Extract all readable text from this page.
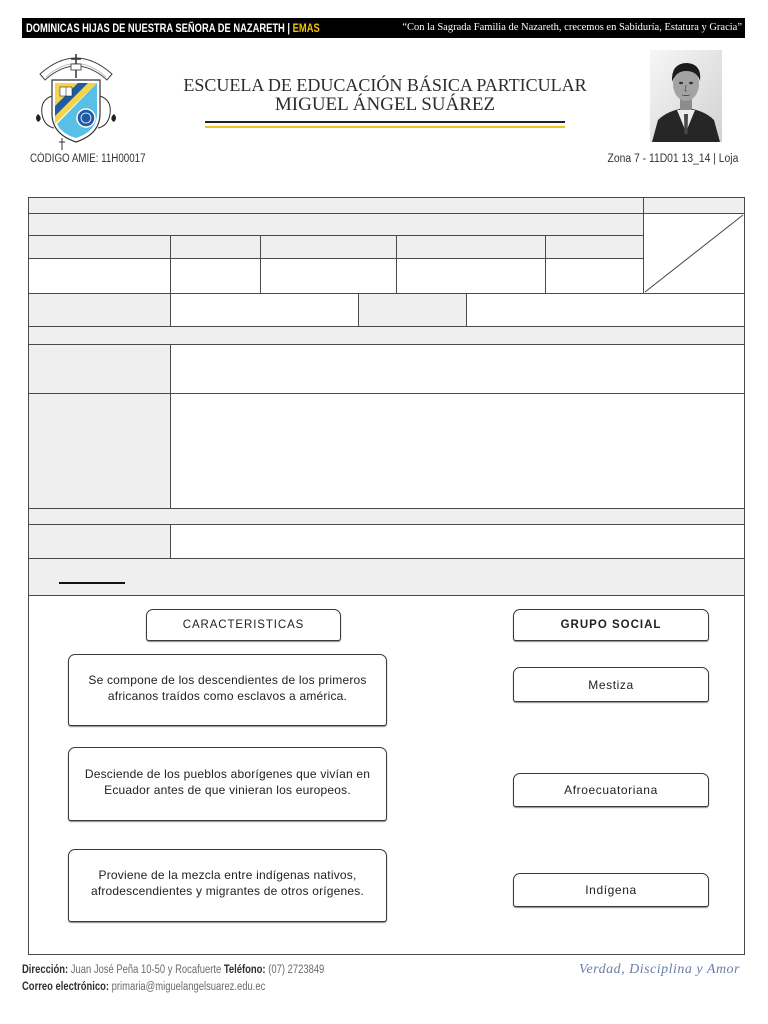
DOMINICAS HIJAS DE NUESTRA SEÑORA DE NAZARETH | EMAS	“Con la Sagrada Familia de Nazareth, crecemos en Sabiduría, Estatura y Gracia”
ESCUELA DE EDUCACIÓN BÁSICA PARTICULAR
MIGUEL ÁNGEL SUÁREZ
CÓDIGO AMIE: 11H00017	Zona 7 - 11D01 13_14 | Loja
CARACTERISTICAS	GRUPO SOCIAL
Se compone de los descendientes de los primeros africanos traídos como esclavos a américa.
Desciende de los pueblos aborígenes que vivían en Ecuador antes de que vinieran los europeos.
Proviene de la mezcla entre indígenas nativos, afrodescendientes y migrantes de otros orígenes.
Mestiza
Afroecuatoriana
Indígena
Dirección: Juan José Peña 10-50 y Rocafuerte Teléfono: (07) 2723849
Correo electrónico: primaria@miguelangelsuarez.edu.ec
Verdad, Disciplina y Amor
